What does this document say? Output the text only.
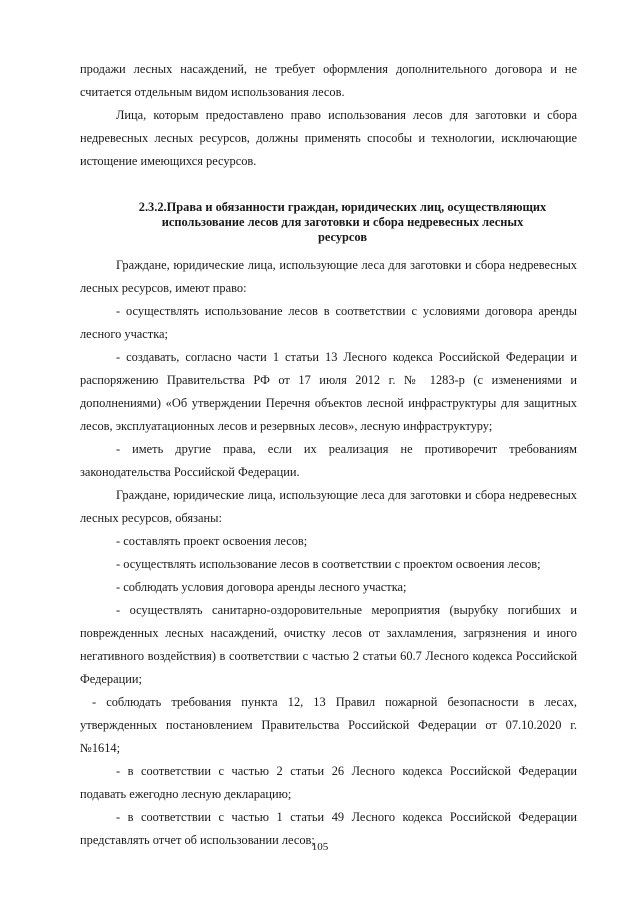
продажи лесных насаждений, не требует оформления дополнительного договора и не считается отдельным видом использования лесов.

Лица, которым предоставлено право использования лесов для заготовки и сбора недревесных лесных ресурсов, должны применять способы и технологии, исключающие истощение имеющихся ресурсов.

2.3.2.Права и обязанности граждан, юридических лиц, осуществляющих
использование лесов для заготовки и сбора недревесных лесных
ресурсов

Граждане, юридические лица, использующие леса для заготовки и сбора недревесных лесных ресурсов, имеют право:

- осуществлять использование лесов в соответствии с условиями договора аренды лесного участка;

- создавать, согласно части 1 статьи 13 Лесного кодекса Российской Федерации и распоряжению Правительства РФ от 17 июля 2012 г. № 1283-р (с изменениями и дополнениями) «Об утверждении Перечня объектов лесной инфраструктуры для защитных лесов, эксплуатационных лесов и резервных лесов», лесную инфраструктуру;

- иметь другие права, если их реализация не противоречит требованиям законодательства Российской Федерации.

Граждане, юридические лица, использующие леса для заготовки и сбора недревесных лесных ресурсов, обязаны:

- составлять проект освоения лесов;

- осуществлять использование лесов в соответствии с проектом освоения лесов;

- соблюдать условия договора аренды лесного участка;

- осуществлять санитарно-оздоровительные мероприятия (вырубку погибших и поврежденных лесных насаждений, очистку лесов от захламления, загрязнения и иного негативного воздействия) в соответствии с частью 2 статьи 60.7 Лесного кодекса Российской Федерации;

- соблюдать требования пункта 12, 13 Правил пожарной безопасности в лесах, утвержденных постановлением Правительства Российской Федерации от 07.10.2020 г. №1614;

- в соответствии с частью 2 статьи 26 Лесного кодекса Российской Федерации подавать ежегодно лесную декларацию;

- в соответствии с частью 1 статьи 49 Лесного кодекса Российской Федерации представлять отчет об использовании лесов;

105
